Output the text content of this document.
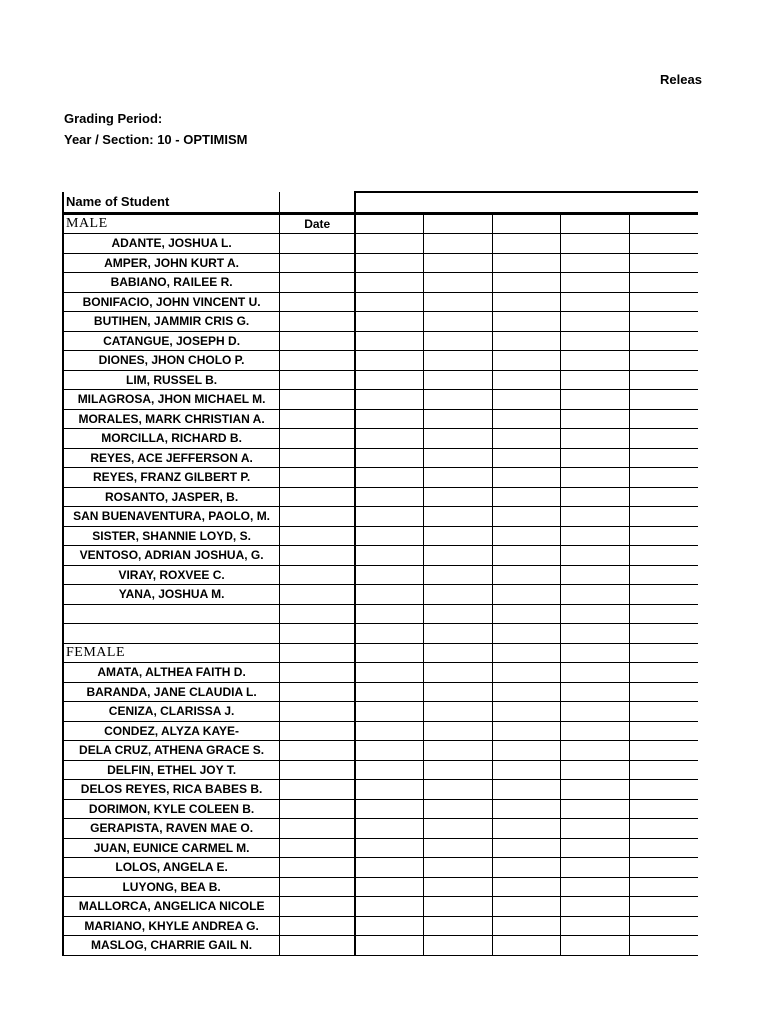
Releas
Grading Period:
Year / Section: 10 - OPTIMISM
Name of Student						
MALE	Date					
ADANTE, JOSHUA L.						
AMPER, JOHN KURT A.						
BABIANO, RAILEE R.						
BONIFACIO, JOHN VINCENT U.						
BUTIHEN, JAMMIR CRIS G.						
CATANGUE, JOSEPH D.						
DIONES, JHON CHOLO P.						
LIM, RUSSEL B.						
MILAGROSA, JHON MICHAEL M.						
MORALES, MARK CHRISTIAN A.						
MORCILLA, RICHARD B.						
REYES, ACE JEFFERSON A.						
REYES, FRANZ GILBERT P.						
ROSANTO, JASPER, B.						
SAN BUENAVENTURA, PAOLO, M.						
SISTER, SHANNIE LOYD, S.						
VENTOSO, ADRIAN JOSHUA, G.						
VIRAY, ROXVEE C.						
YANA, JOSHUA M.						

FEMALE						
AMATA, ALTHEA FAITH D.						
BARANDA, JANE CLAUDIA L.						
CENIZA, CLARISSA J.						
CONDEZ, ALYZA KAYE-						
DELA CRUZ, ATHENA GRACE S.						
DELFIN, ETHEL JOY T.						
DELOS REYES, RICA BABES B.						
DORIMON, KYLE COLEEN B.						
GERAPISTA, RAVEN MAE O.						
JUAN, EUNICE CARMEL M.						
LOLOS, ANGELA E.						
LUYONG, BEA B.						
MALLORCA, ANGELICA NICOLE						
MARIANO, KHYLE ANDREA G.						
MASLOG, CHARRIE GAIL N.						
